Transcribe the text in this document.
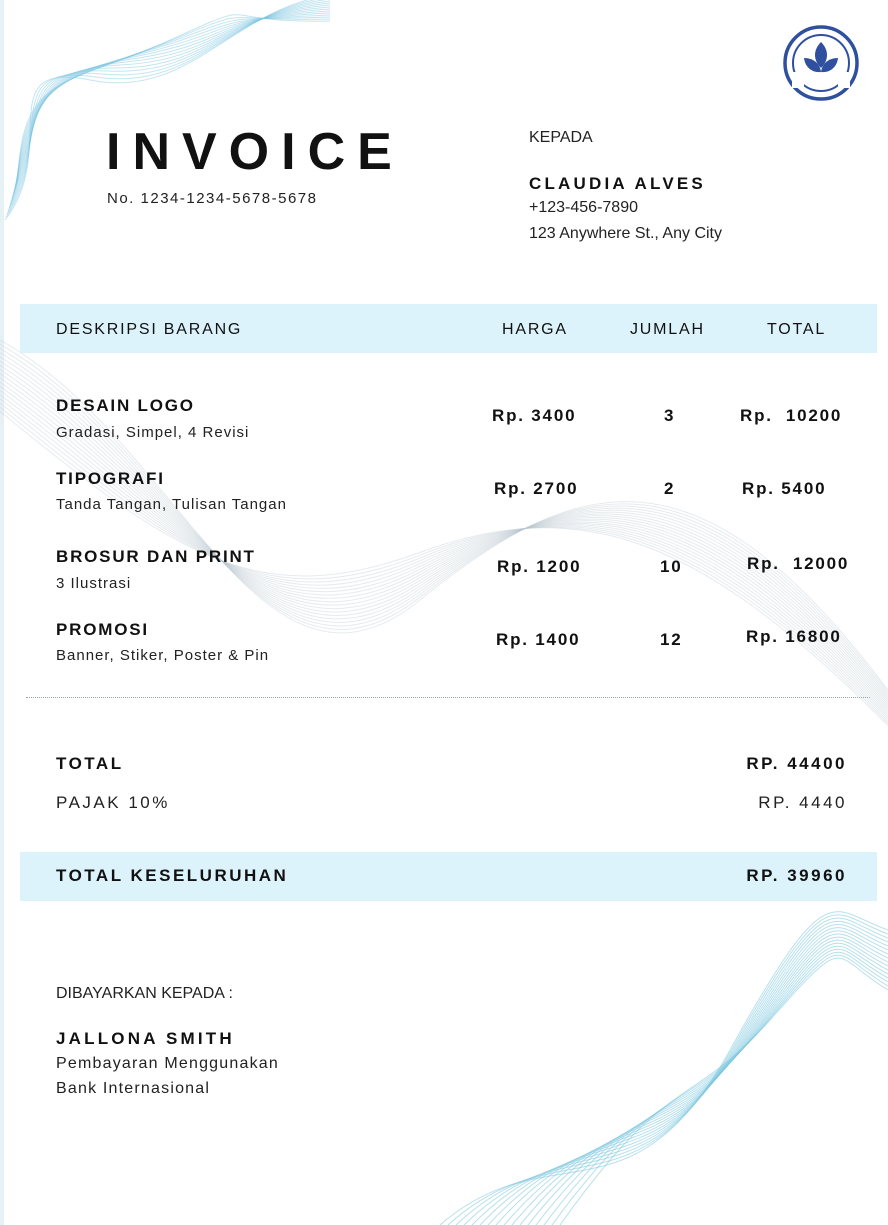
INVOICE
No. 1234-1234-5678-5678
KEPADA
CLAUDIA ALVES
+123-456-7890
123 Anywhere St., Any City
DESKRIPSI BARANG	HARGA	JUMLAH	TOTAL
DESAIN LOGO
Gradasi, Simpel, 4 Revisi
Rp. 3400	3	Rp.  10200
TIPOGRAFI
Tanda Tangan, Tulisan Tangan
Rp. 2700	2	Rp. 5400
BROSUR DAN PRINT
3 Ilustrasi
Rp. 1200	10	Rp.  12000
PROMOSI
Banner, Stiker, Poster & Pin
Rp. 1400	12	Rp. 16800
TOTAL	RP. 44400
PAJAK 10%	RP. 4440
TOTAL KESELURUHAN	RP. 39960
DIBAYARKAN KEPADA :
JALLONA SMITH
Pembayaran Menggunakan
Bank Internasional
